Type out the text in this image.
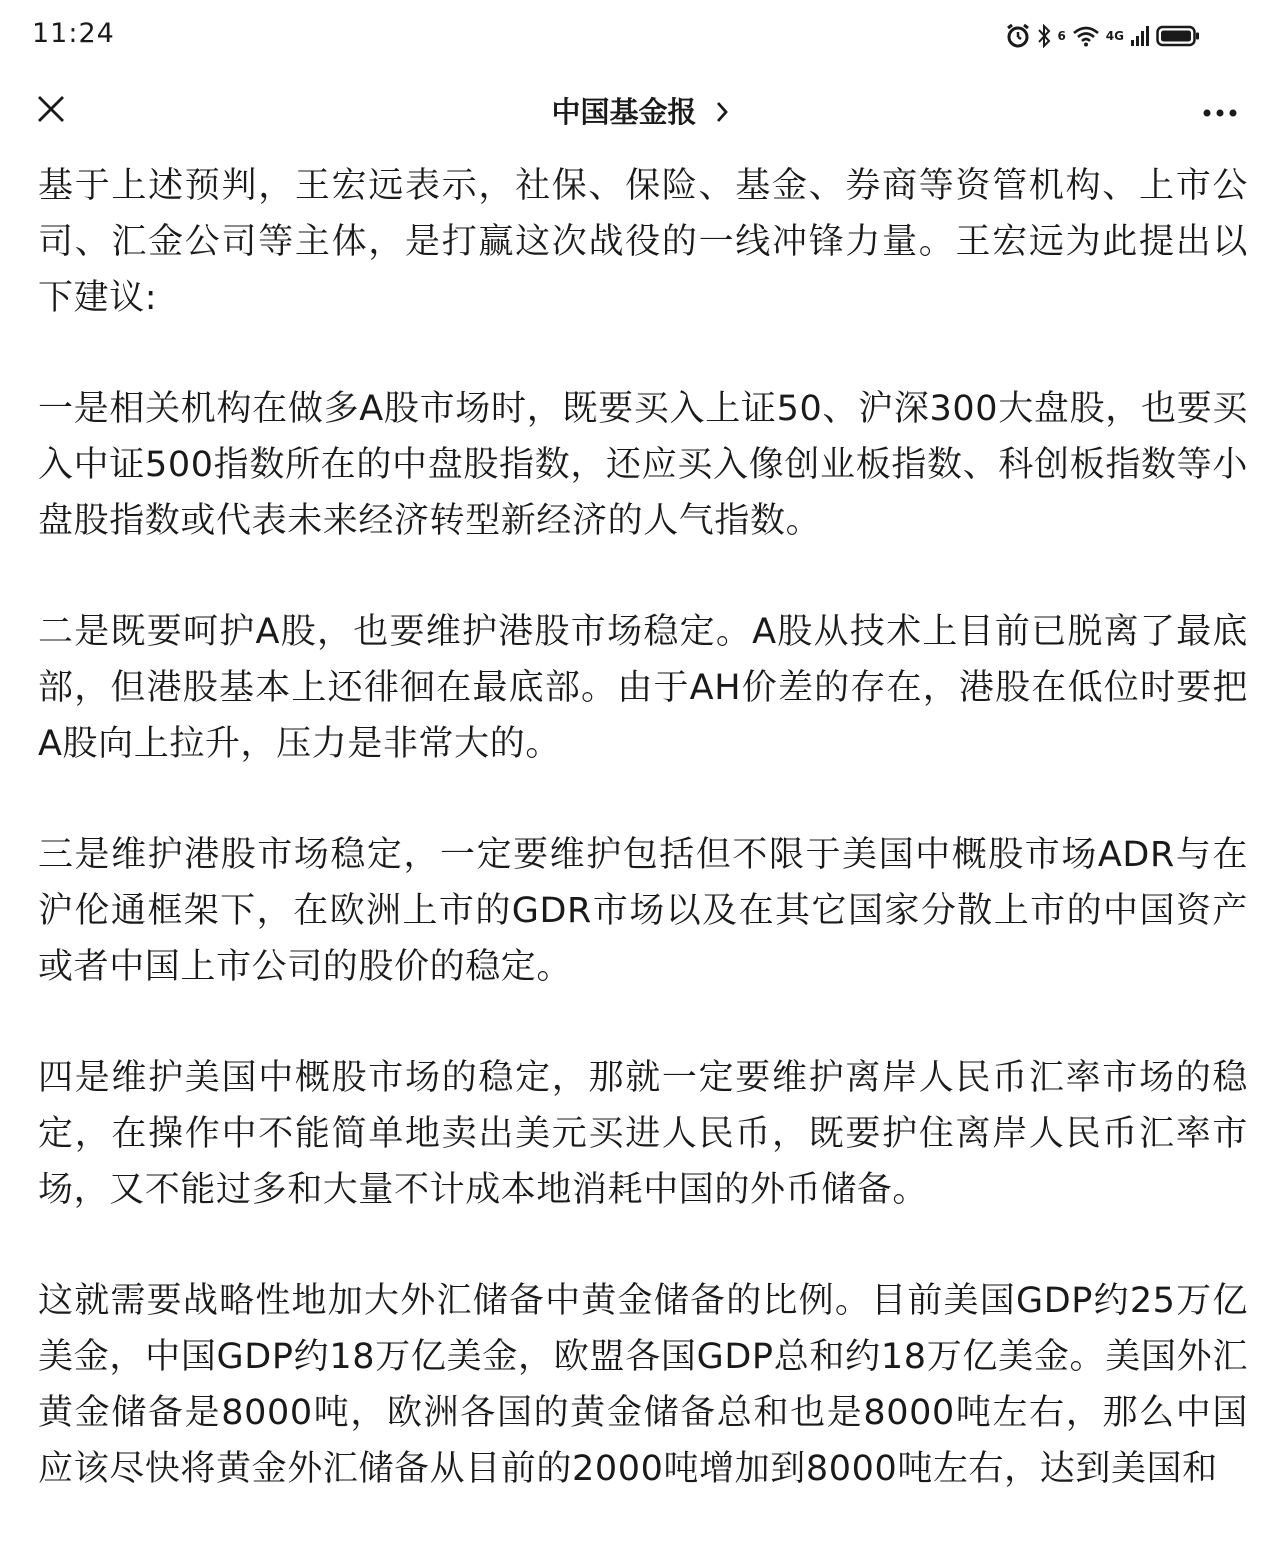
11:24	6	4G
中国基金报

基于上述预判，王宏远表示，社保、保险、基金、券商等资管机构、上市公司、汇金公司等主体，是打赢这次战役的一线冲锋力量。王宏远为此提出以下建议:

一是相关机构在做多A股市场时，既要买入上证50、沪深300大盘股，也要买入中证500指数所在的中盘股指数，还应买入像创业板指数、科创板指数等小盘股指数或代表未来经济转型新经济的人气指数。

二是既要呵护A股，也要维护港股市场稳定。A股从技术上目前已脱离了最底部，但港股基本上还徘徊在最底部。由于AH价差的存在，港股在低位时要把A股向上拉升，压力是非常大的。

三是维护港股市场稳定，一定要维护包括但不限于美国中概股市场ADR与在沪伦通框架下，在欧洲上市的GDR市场以及在其它国家分散上市的中国资产或者中国上市公司的股价的稳定。

四是维护美国中概股市场的稳定，那就一定要维护离岸人民币汇率市场的稳定，在操作中不能简单地卖出美元买进人民币，既要护住离岸人民币汇率市场，又不能过多和大量不计成本地消耗中国的外币储备。

这就需要战略性地加大外汇储备中黄金储备的比例。目前美国GDP约25万亿美金，中国GDP约18万亿美金，欧盟各国GDP总和约18万亿美金。美国外汇黄金储备是8000吨，欧洲各国的黄金储备总和也是8000吨左右，那么中国应该尽快将黄金外汇储备从目前的2000吨增加到8000吨左右，达到美国和
